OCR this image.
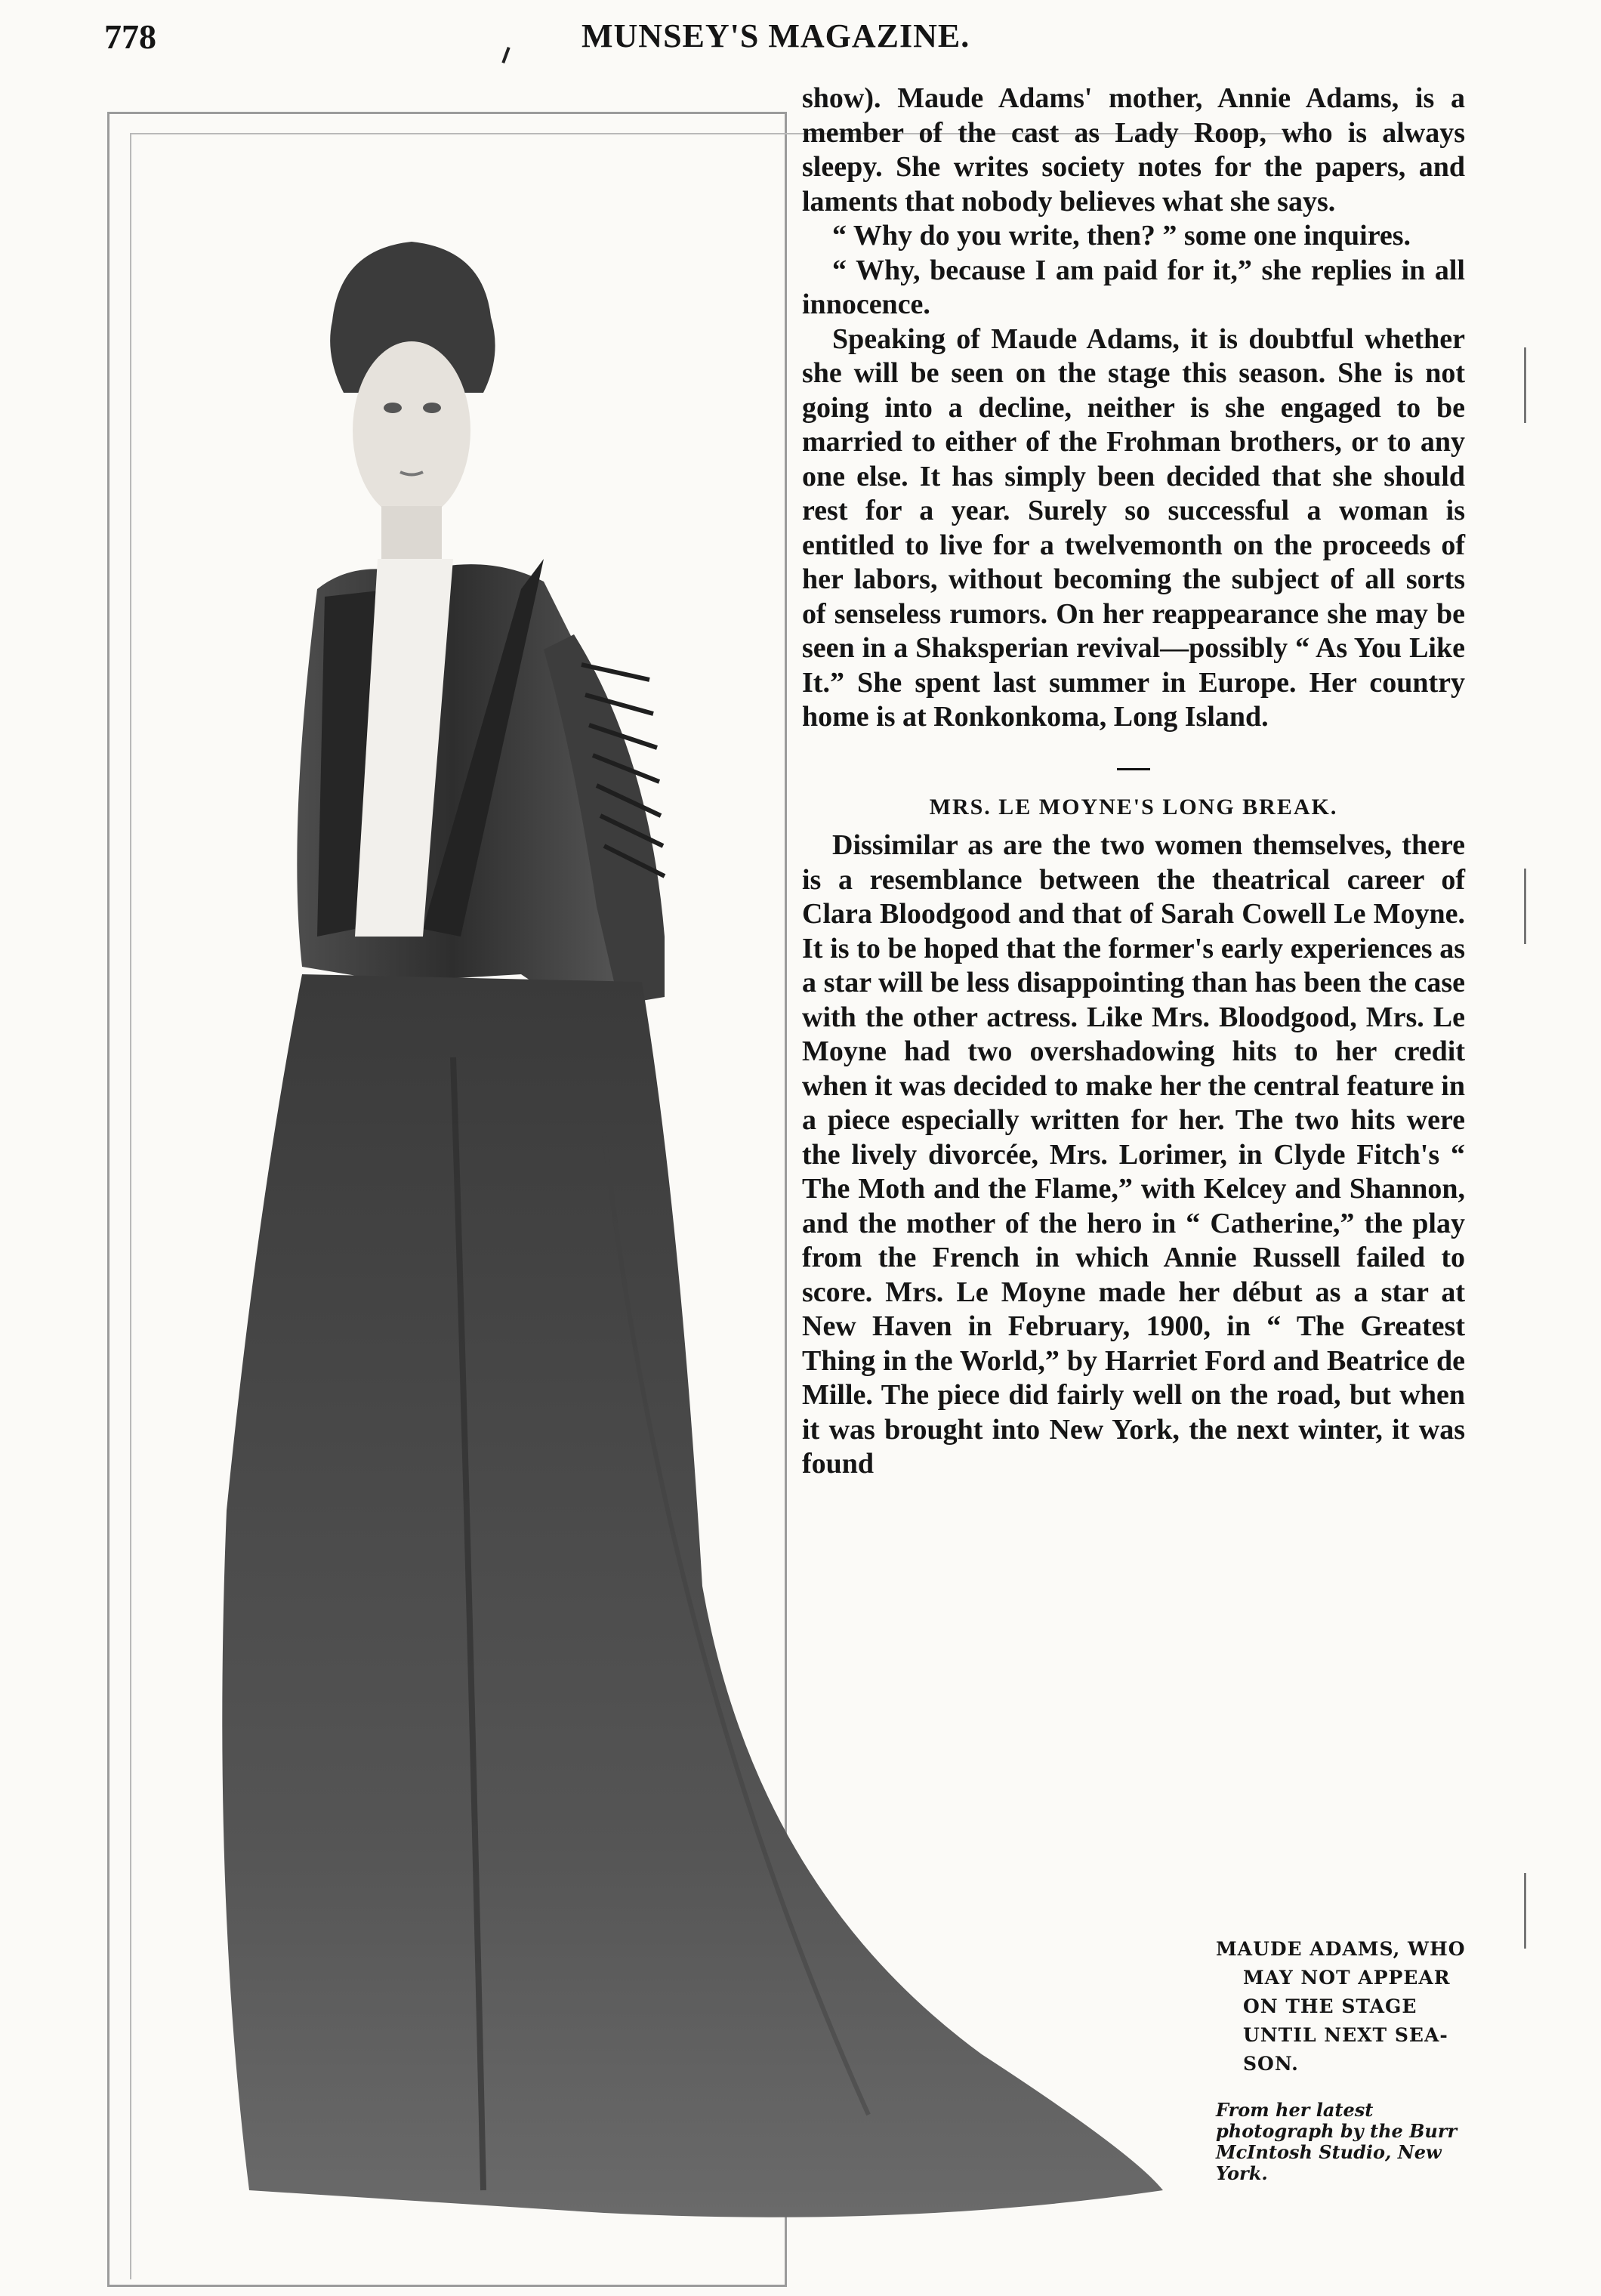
778	MUNSEY'S MAGAZINE.

show). Maude Adams' mother, Annie Adams, is a member of the cast as Lady Roop, who is always sleepy. She writes society notes for the papers, and laments that nobody believes what she says.

“ Why do you write, then? ” some one inquires.

“ Why, because I am paid for it,” she replies in all innocence.

Speaking of Maude Adams, it is doubtful whether she will be seen on the stage this season. She is not going into a decline, neither is she engaged to be married to either of the Frohman brothers, or to any one else. It has simply been decided that she should rest for a year. Surely so successful a woman is entitled to live for a twelvemonth on the proceeds of her labors, without becoming the subject of all sorts of senseless rumors. On her reappearance she may be seen in a Shaksperian revival—possibly “ As You Like It.” She spent last summer in Europe. Her country home is at Ronkonkoma, Long Island.

MRS. LE MOYNE'S LONG BREAK.

Dissimilar as are the two women themselves, there is a resemblance between the theatrical career of Clara Bloodgood and that of Sarah Cowell Le Moyne. It is to be hoped that the former's early experiences as a star will be less disappointing than has been the case with the other actress. Like Mrs. Bloodgood, Mrs. Le Moyne had two overshadowing hits to her credit when it was decided to make her the central feature in a piece especially written for her. The two hits were the lively divorcée, Mrs. Lorimer, in Clyde Fitch's “ The Moth and the Flame,” with Kelcey and Shannon, and the mother of the hero in “ Catherine,” the play from the French in which Annie Russell failed to score. Mrs. Le Moyne made her début as a star at New Haven in February, 1900, in “ The Greatest Thing in the World,” by Harriet Ford and Beatrice de Mille. The piece did fairly well on the road, but when it was brought into New York, the next winter, it was found

MAUDE ADAMS, WHO
MAY NOT APPEAR
ON THE STAGE
UNTIL NEXT SEA-
SON.
From her latest photograph by the Burr McIntosh Studio, New York.
